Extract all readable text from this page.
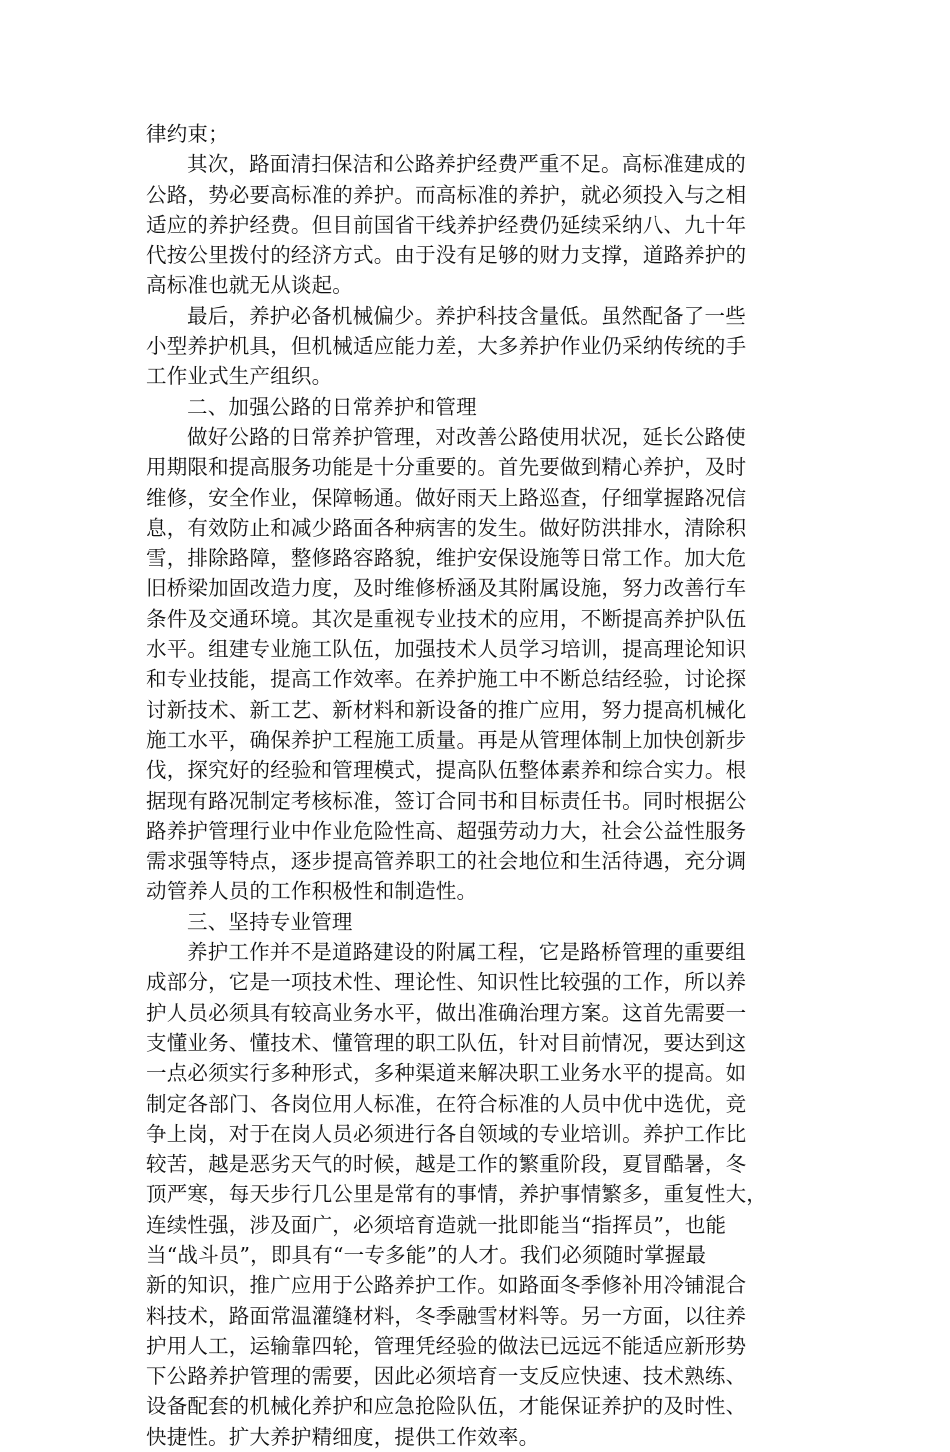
律约束；
其次，路面清扫保洁和公路养护经费严重不足。高标准建成的
公路，势必要高标准的养护。而高标准的养护，就必须投入与之相
适应的养护经费。但目前国省干线养护经费仍延续采纳八、九十年
代按公里拨付的经济方式。由于没有足够的财力支撑，道路养护的
高标准也就无从谈起。
最后，养护必备机械偏少。养护科技含量低。虽然配备了一些
小型养护机具，但机械适应能力差，大多养护作业仍采纳传统的手
工作业式生产组织。
二、加强公路的日常养护和管理
做好公路的日常养护管理，对改善公路使用状况，延长公路使
用期限和提高服务功能是十分重要的。首先要做到精心养护，及时
维修，安全作业，保障畅通。做好雨天上路巡查，仔细掌握路况信
息，有效防止和减少路面各种病害的发生。做好防洪排水，清除积
雪，排除路障，整修路容路貌，维护安保设施等日常工作。加大危
旧桥梁加固改造力度，及时维修桥涵及其附属设施，努力改善行车
条件及交通环境。其次是重视专业技术的应用，不断提高养护队伍
水平。组建专业施工队伍，加强技术人员学习培训，提高理论知识
和专业技能，提高工作效率。在养护施工中不断总结经验，讨论探
讨新技术、新工艺、新材料和新设备的推广应用，努力提高机械化
施工水平，确保养护工程施工质量。再是从管理体制上加快创新步
伐，探究好的经验和管理模式，提高队伍整体素养和综合实力。根
据现有路况制定考核标准，签订合同书和目标责任书。同时根据公
路养护管理行业中作业危险性高、超强劳动力大，社会公益性服务
需求强等特点，逐步提高管养职工的社会地位和生活待遇，充分调
动管养人员的工作积极性和制造性。
三、坚持专业管理
养护工作并不是道路建设的附属工程，它是路桥管理的重要组
成部分，它是一项技术性、理论性、知识性比较强的工作，所以养
护人员必须具有较高业务水平，做出准确治理方案。这首先需要一
支懂业务、懂技术、懂管理的职工队伍，针对目前情况，要达到这
一点必须实行多种形式，多种渠道来解决职工业务水平的提高。如
制定各部门、各岗位用人标准，在符合标准的人员中优中选优，竞
争上岗，对于在岗人员必须进行各自领域的专业培训。养护工作比
较苦，越是恶劣天气的时候，越是工作的繁重阶段，夏冒酷暑，冬
顶严寒，每天步行几公里是常有的事情，养护事情繁多，重复性大，
连续性强，涉及面广，必须培育造就一批即能当“指挥员”，也能
当“战斗员”，即具有“一专多能”的人才。我们必须随时掌握最
新的知识，推广应用于公路养护工作。如路面冬季修补用冷铺混合
料技术，路面常温灌缝材料，冬季融雪材料等。另一方面，以往养
护用人工，运输靠四轮，管理凭经验的做法已远远不能适应新形势
下公路养护管理的需要，因此必须培育一支反应快速、技术熟练、
设备配套的机械化养护和应急抢险队伍，才能保证养护的及时性、
快捷性。扩大养护精细度，提供工作效率。
